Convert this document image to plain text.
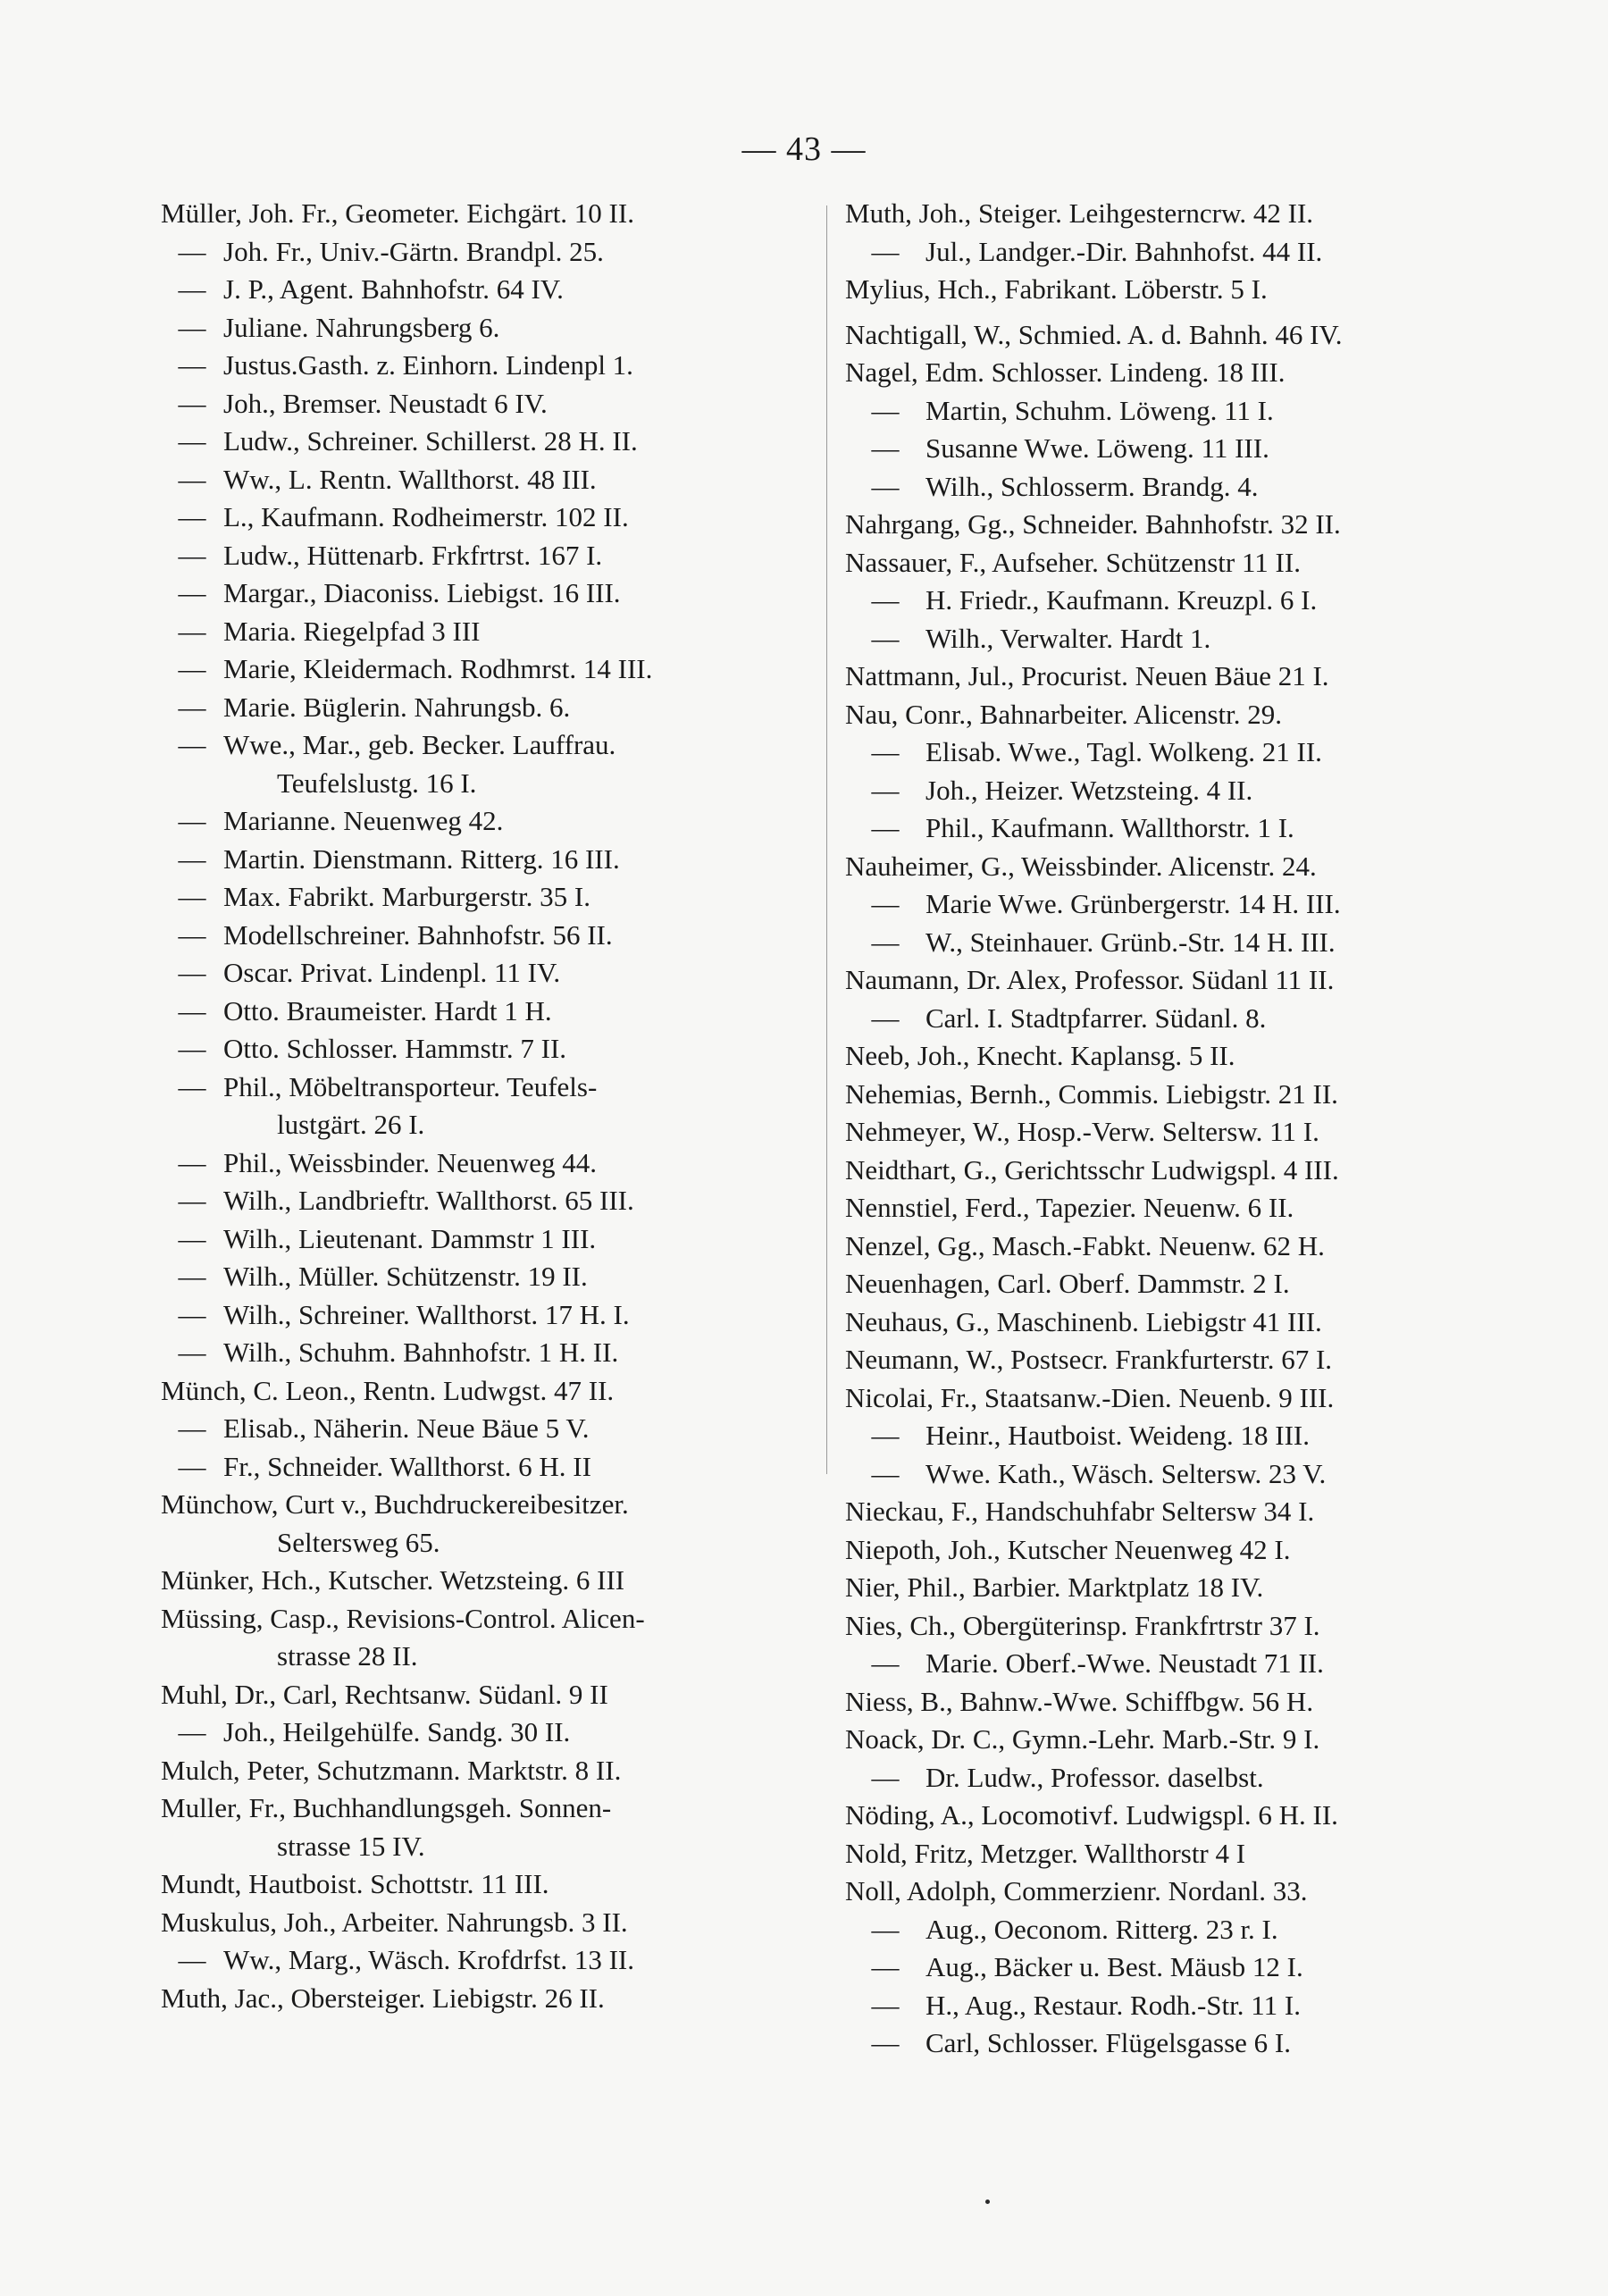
— 43 —
Müller, Joh. Fr., Geometer. Eichgärt. 10 II.
— Joh. Fr., Univ.-Gärtn. Brandpl. 25.
— J. P., Agent. Bahnhofstr. 64 IV.
— Juliane. Nahrungsberg 6.
— Justus.Gasth. z. Einhorn. Lindenpl 1.
— Joh., Bremser. Neustadt 6 IV.
— Ludw., Schreiner. Schillerst. 28 H. II.
— Ww., L. Rentn. Wallthorst. 48 III.
— L., Kaufmann. Rodheimerstr. 102 II.
— Ludw., Hüttenarb. Frkfrtrst. 167 I.
— Margar., Diaconiss. Liebigst. 16 III.
— Maria. Riegelpfad 3 III
— Marie, Kleidermach. Rodhmrst. 14 III.
— Marie. Büglerin. Nahrungsb. 6.
— Wwe., Mar., geb. Becker. Lauffrau.
Teufelslustg. 16 I.
— Marianne. Neuenweg 42.
— Martin. Dienstmann. Ritterg. 16 III.
— Max. Fabrikt. Marburgerstr. 35 I.
— Modellschreiner. Bahnhofstr. 56 II.
— Oscar. Privat. Lindenpl. 11 IV.
— Otto. Braumeister. Hardt 1 H.
— Otto. Schlosser. Hammstr. 7 II.
— Phil., Möbeltransporteur. Teufels-
lustgärt. 26 I.
— Phil., Weissbinder. Neuenweg 44.
— Wilh., Landbrieftr. Wallthorst. 65 III.
— Wilh., Lieutenant. Dammstr 1 III.
— Wilh., Müller. Schützenstr. 19 II.
— Wilh., Schreiner. Wallthorst. 17 H. I.
— Wilh., Schuhm. Bahnhofstr. 1 H. II.
Münch, C. Leon., Rentn. Ludwgst. 47 II.
— Elisab., Näherin. Neue Bäue 5 V.
— Fr., Schneider. Wallthorst. 6 H. II
Münchow, Curt v., Buchdruckereibesitzer.
Seltersweg 65.
Münker, Hch., Kutscher. Wetzsteing. 6 III
Müssing, Casp., Revisions-Control. Alicen-
strasse 28 II.
Muhl, Dr., Carl, Rechtsanw. Südanl. 9 II
— Joh., Heilgehülfe. Sandg. 30 II.
Mulch, Peter, Schutzmann. Marktstr. 8 II.
Muller, Fr., Buchhandlungsgeh. Sonnen-
strasse 15 IV.
Mundt, Hautboist. Schottstr. 11 III.
Muskulus, Joh., Arbeiter. Nahrungsb. 3 II.
— Ww., Marg., Wäsch. Krofdrfst. 13 II.
Muth, Jac., Obersteiger. Liebigstr. 26 II.
Muth, Joh., Steiger. Leihgesterncrw. 42 II.
— Jul., Landger.-Dir. Bahnhofst. 44 II.
Mylius, Hch., Fabrikant. Löberstr. 5 I.
Nachtigall, W., Schmied. A. d. Bahnh. 46 IV.
Nagel, Edm. Schlosser. Lindeng. 18 III.
— Martin, Schuhm. Löweng. 11 I.
— Susanne Wwe. Löweng. 11 III.
— Wilh., Schlosserm. Brandg. 4.
Nahrgang, Gg., Schneider. Bahnhofstr. 32 II.
Nassauer, F., Aufseher. Schützenstr 11 II.
— H. Friedr., Kaufmann. Kreuzpl. 6 I.
— Wilh., Verwalter. Hardt 1.
Nattmann, Jul., Procurist. Neuen Bäue 21 I.
Nau, Conr., Bahnarbeiter. Alicenstr. 29.
— Elisab. Wwe., Tagl. Wolkeng. 21 II.
— Joh., Heizer. Wetzsteing. 4 II.
— Phil., Kaufmann. Wallthorstr. 1 I.
Nauheimer, G., Weissbinder. Alicenstr. 24.
— Marie Wwe. Grünbergerstr. 14 H. III.
— W., Steinhauer. Grünb.-Str. 14 H. III.
Naumann, Dr. Alex, Professor. Südanl 11 II.
— Carl. I. Stadtpfarrer. Südanl. 8.
Neeb, Joh., Knecht. Kaplansg. 5 II.
Nehemias, Bernh., Commis. Liebigstr. 21 II.
Nehmeyer, W., Hosp.-Verw. Seltersw. 11 I.
Neidthart, G., Gerichtsschr Ludwigspl. 4 III.
Nennstiel, Ferd., Tapezier. Neuenw. 6 II.
Nenzel, Gg., Masch.-Fabkt. Neuenw. 62 H.
Neuenhagen, Carl. Oberf. Dammstr. 2 I.
Neuhaus, G., Maschinenb. Liebigstr 41 III.
Neumann, W., Postsecr. Frankfurterstr. 67 I.
Nicolai, Fr., Staatsanw.-Dien. Neuenb. 9 III.
— Heinr., Hautboist. Weideng. 18 III.
— Wwe. Kath., Wäsch. Seltersw. 23 V.
Nieckau, F., Handschuhfabr Seltersw 34 I.
Niepoth, Joh., Kutscher Neuenweg 42 I.
Nier, Phil., Barbier. Marktplatz 18 IV.
Nies, Ch., Obergüterinsp. Frankfrtrstr 37 I.
— Marie. Oberf.-Wwe. Neustadt 71 II.
Niess, B., Bahnw.-Wwe. Schiffbgw. 56 H.
Noack, Dr. C., Gymn.-Lehr. Marb.-Str. 9 I.
— Dr. Ludw., Professor. daselbst.
Nöding, A., Locomotivf. Ludwigspl. 6 H. II.
Nold, Fritz, Metzger. Wallthorstr 4 I
Noll, Adolph, Commerzienr. Nordanl. 33.
— Aug., Oeconom. Ritterg. 23 r. I.
— Aug., Bäcker u. Best. Mäusb 12 I.
— H., Aug., Restaur. Rodh.-Str. 11 I.
— Carl, Schlosser. Flügelsgasse 6 I.
